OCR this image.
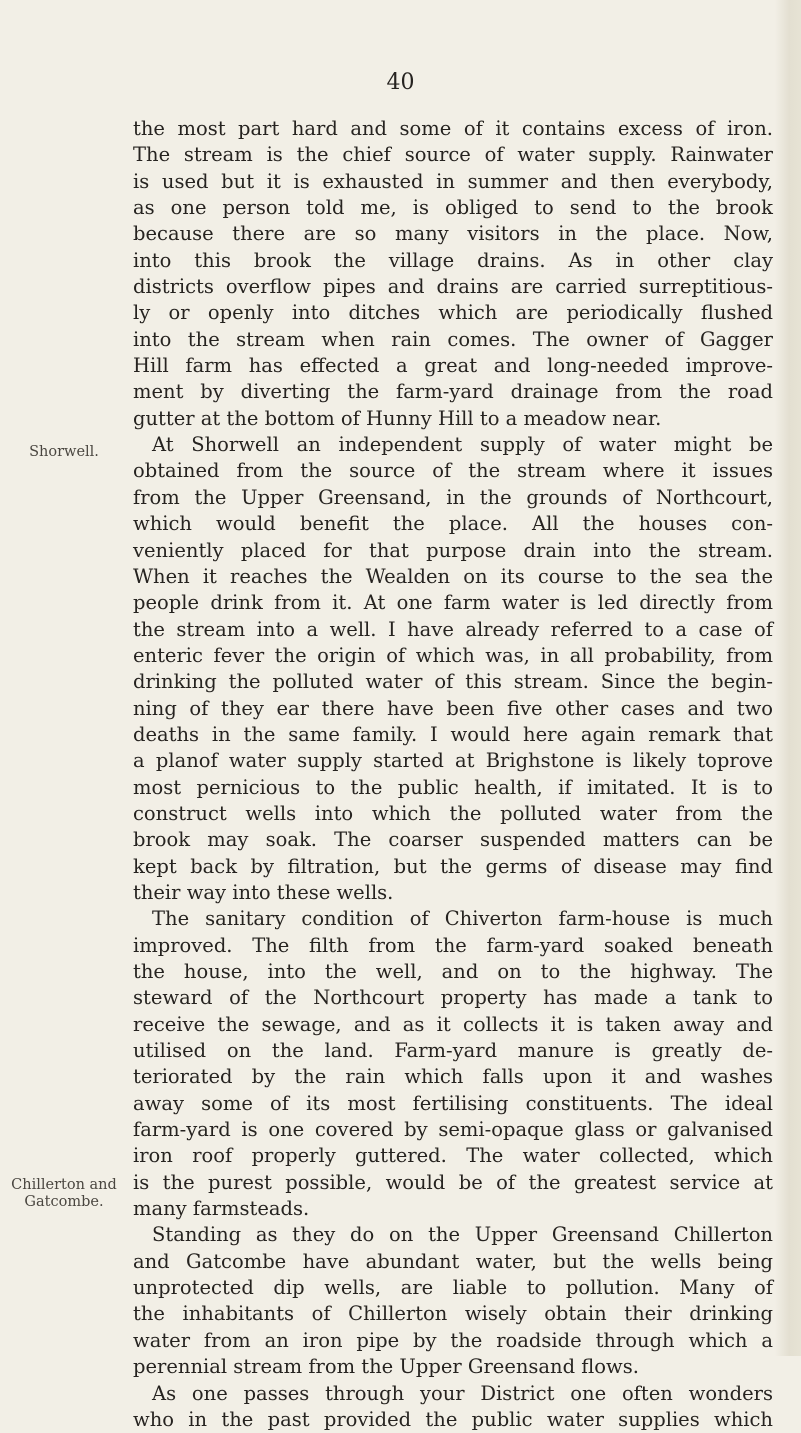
40
Shorwell.
Chillerton and
Gatcombe.
the most part hard and some of it contains excess of iron.
The stream is the chief source of water supply. Rainwater
is used but it is exhausted in summer and then everybody,
as one person told me, is obliged to send to the brook
because there are so many visitors in the place. Now,
into this brook the village drains. As in other clay
districts overflow pipes and drains are carried surreptitious-
ly or openly into ditches which are periodically flushed
into the stream when rain comes. The owner of Gagger
Hill farm has effected a great and long-needed improve-
ment by diverting the farm-yard drainage from the road
gutter at the bottom of Hunny Hill to a meadow near.
At Shorwell an independent supply of water might be
obtained from the source of the stream where it issues
from the Upper Greensand, in the grounds of Northcourt,
which would benefit the place. All the houses con-
veniently placed for that purpose drain into the stream.
When it reaches the Wealden on its course to the sea the
people drink from it. At one farm water is led directly from
the stream into a well. I have already referred to a case of
enteric fever the origin of which was, in all probability, from
drinking the polluted water of this stream. Since the begin-
ning of they ear there have been five other cases and two
deaths in the same family. I would here again remark that
a planof water supply started at Brighstone is likely toprove
most pernicious to the public health, if imitated. It is to
construct wells into which the polluted water from the
brook may soak. The coarser suspended matters can be
kept back by filtration, but the germs of disease may find
their way into these wells.
The sanitary condition of Chiverton farm-house is much
improved. The filth from the farm-yard soaked beneath
the house, into the well, and on to the highway. The
steward of the Northcourt property has made a tank to
receive the sewage, and as it collects it is taken away and
utilised on the land. Farm-yard manure is greatly de-
teriorated by the rain which falls upon it and washes
away some of its most fertilising constituents. The ideal
farm-yard is one covered by semi-opaque glass or galvanised
iron roof properly guttered. The water collected, which
is the purest possible, would be of the greatest service at
many farmsteads.
Standing as they do on the Upper Greensand Chillerton
and Gatcombe have abundant water, but the wells being
unprotected dip wells, are liable to pollution. Many of
the inhabitants of Chillerton wisely obtain their drinking
water from an iron pipe by the roadside through which a
perennial stream from the Upper Greensand flows.
As one passes through your District one often wonders
who in the past provided the public water supplies which
